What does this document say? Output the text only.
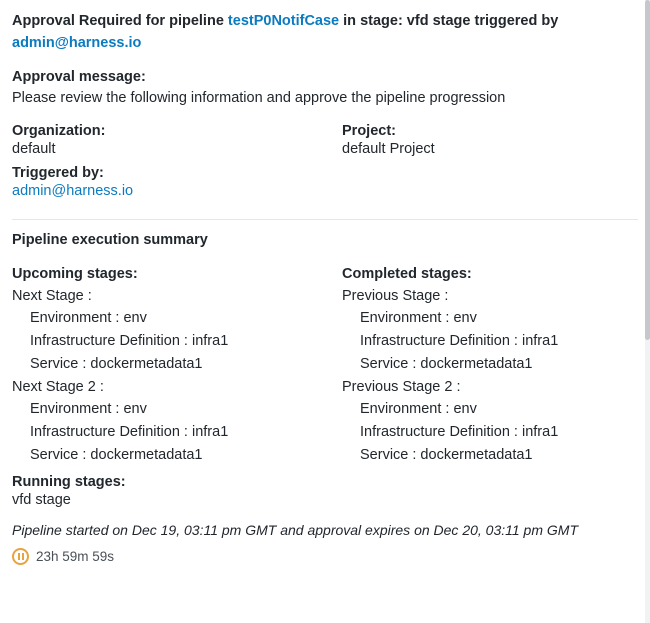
Approval Required for pipeline testP0NotifCase in stage: vfd stage triggered by
admin@harness.io
Approval message:
Please review the following information and approve the pipeline progression
Organization:
default
Triggered by:
admin@harness.io
Project:
default Project
Pipeline execution summary
Upcoming stages:
Next Stage :
Environment : env
Infrastructure Definition : infra1
Service : dockermetadata1
Next Stage 2 :
Environment : env
Infrastructure Definition : infra1
Service : dockermetadata1
Completed stages:
Previous Stage :
Environment : env
Infrastructure Definition : infra1
Service : dockermetadata1
Previous Stage 2 :
Environment : env
Infrastructure Definition : infra1
Service : dockermetadata1
Running stages:
vfd stage
Pipeline started on Dec 19, 03:11 pm GMT and approval expires on Dec 20, 03:11 pm GMT
23h 59m 59s
